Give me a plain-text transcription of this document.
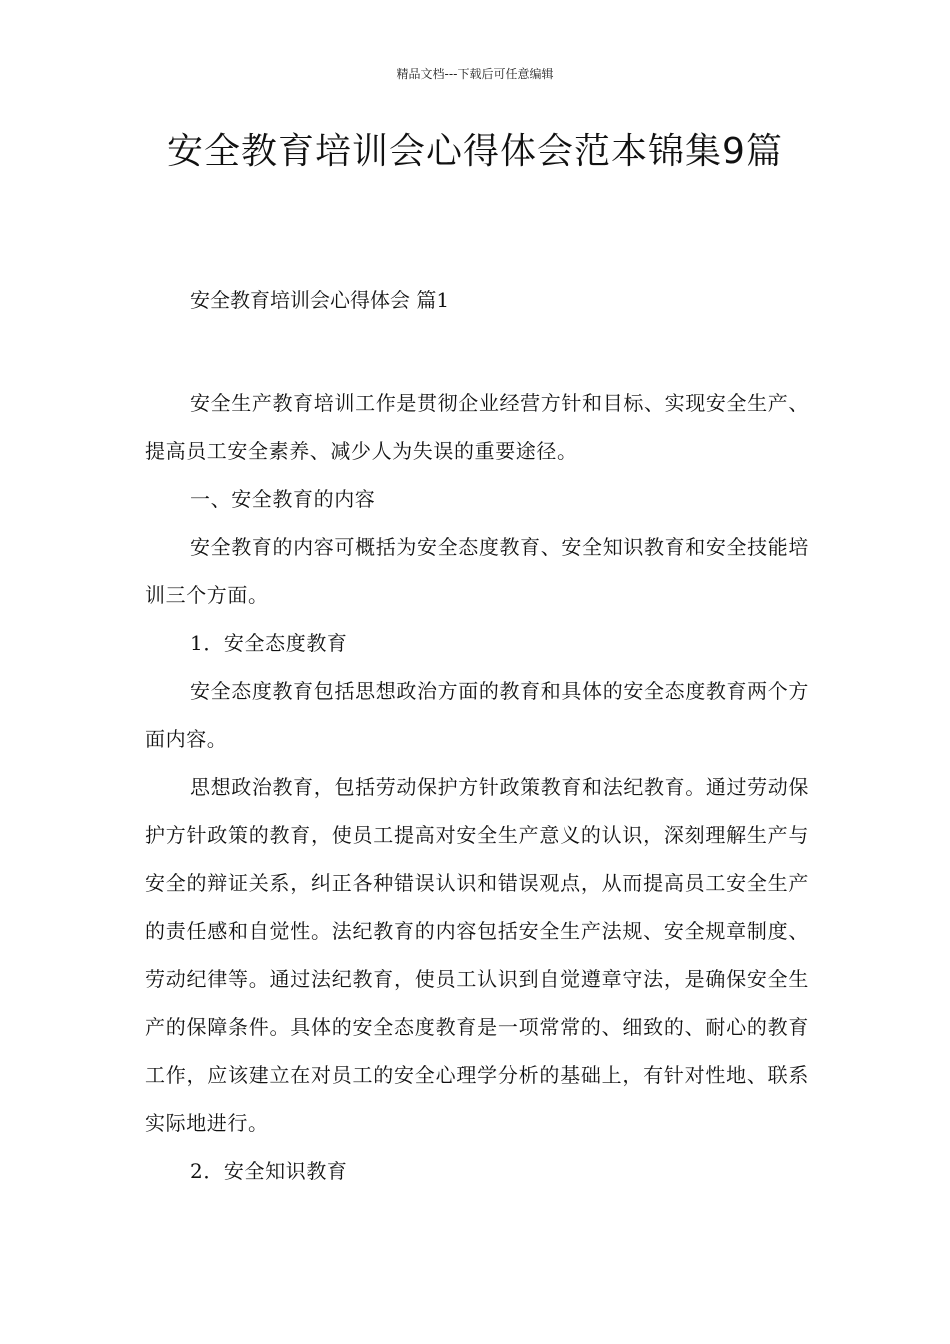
精品文档---下载后可任意编辑
安全教育培训会心得体会范本锦集9篇
安全教育培训会心得体会 篇1

安全生产教育培训工作是贯彻企业经营方针和目标、实现安全生产、提高员工安全素养、减少人为失误的重要途径。

一、安全教育的内容

安全教育的内容可概括为安全态度教育、安全知识教育和安全技能培训三个方面。

1．安全态度教育

安全态度教育包括思想政治方面的教育和具体的安全态度教育两个方面内容。

思想政治教育，包括劳动保护方针政策教育和法纪教育。通过劳动保护方针政策的教育，使员工提高对安全生产意义的认识，深刻理解生产与安全的辩证关系，纠正各种错误认识和错误观点，从而提高员工安全生产的责任感和自觉性。法纪教育的内容包括安全生产法规、安全规章制度、劳动纪律等。通过法纪教育，使员工认识到自觉遵章守法，是确保安全生产的保障条件。具体的安全态度教育是一项常常的、细致的、耐心的教育工作，应该建立在对员工的安全心理学分析的基础上，有针对性地、联系实际地进行。

2．安全知识教育
